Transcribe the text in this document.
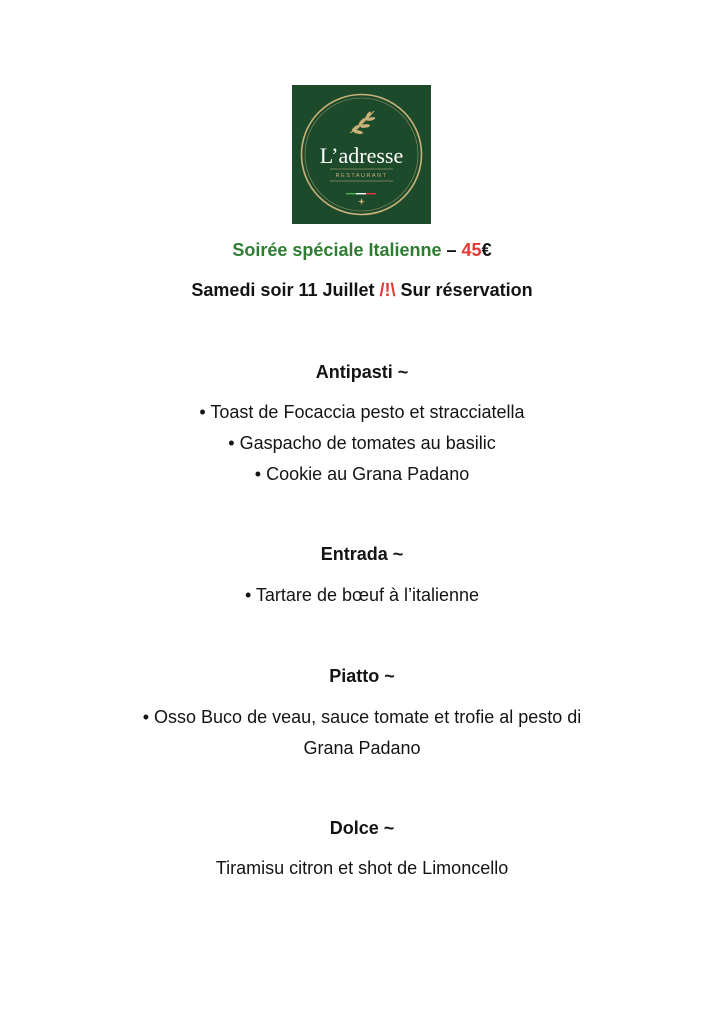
L’adresse
RESTAURANT
Soirée spéciale Italienne – 45€
Samedi soir 11 Juillet /!\ Sur réservation
Antipasti ~
• Toast de Focaccia pesto et stracciatella
• Gaspacho de tomates au basilic
• Cookie au Grana Padano
Entrada ~
• Tartare de bœuf à l’italienne
Piatto ~
• Osso Buco de veau, sauce tomate et trofie al pesto di
Grana Padano
Dolce ~
Tiramisu citron et shot de Limoncello
